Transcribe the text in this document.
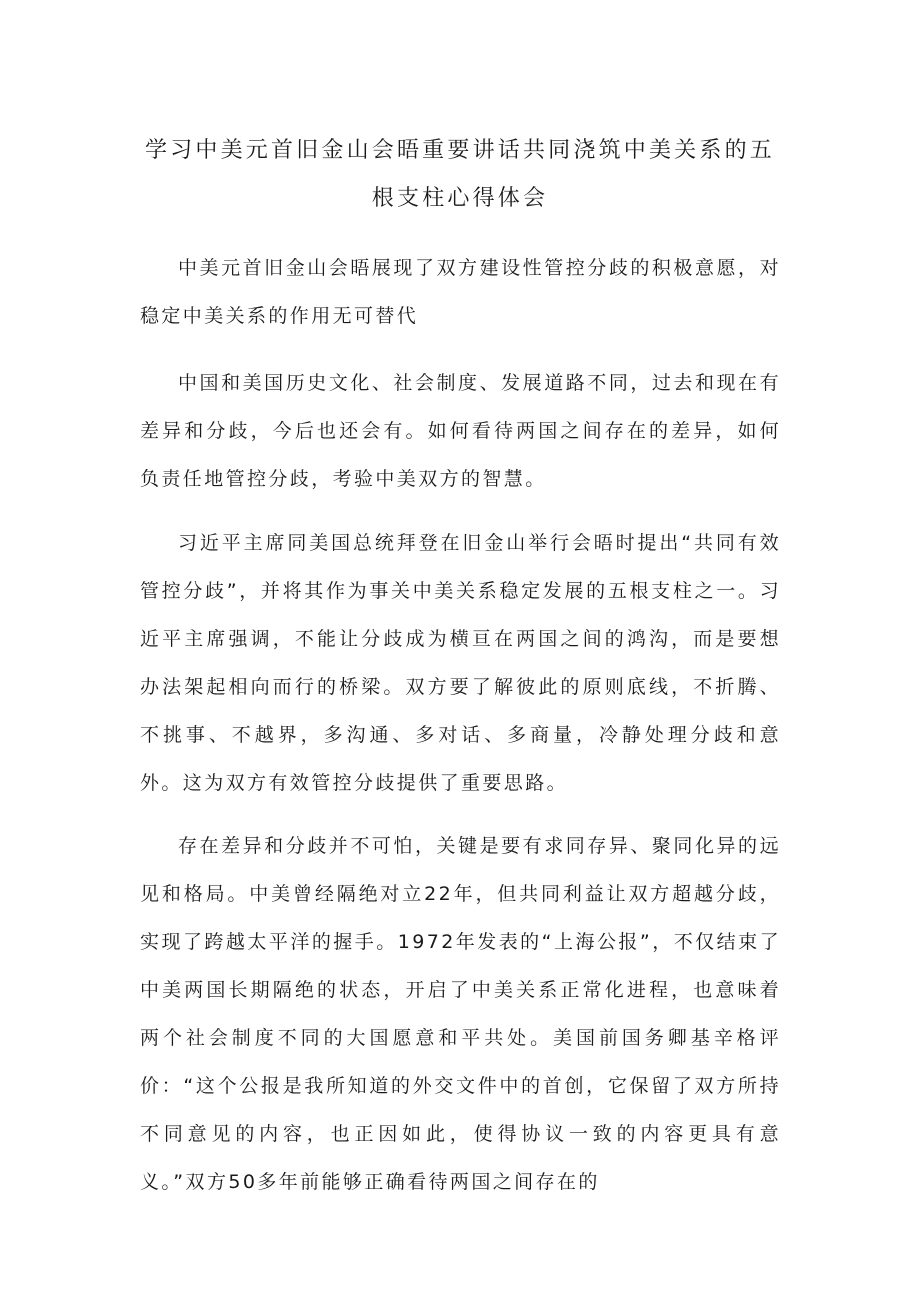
学习中美元首旧金山会晤重要讲话共同浇筑中美关系的五根支柱心得体会

中美元首旧金山会晤展现了双方建设性管控分歧的积极意愿，对稳定中美关系的作用无可替代

中国和美国历史文化、社会制度、发展道路不同，过去和现在有差异和分歧，今后也还会有。如何看待两国之间存在的差异，如何负责任地管控分歧，考验中美双方的智慧。

习近平主席同美国总统拜登在旧金山举行会晤时提出“共同有效管控分歧”，并将其作为事关中美关系稳定发展的五根支柱之一。习近平主席强调，不能让分歧成为横亘在两国之间的鸿沟，而是要想办法架起相向而行的桥梁。双方要了解彼此的原则底线，不折腾、不挑事、不越界，多沟通、多对话、多商量，冷静处理分歧和意外。这为双方有效管控分歧提供了重要思路。

存在差异和分歧并不可怕，关键是要有求同存异、聚同化异的远见和格局。中美曾经隔绝对立22年，但共同利益让双方超越分歧，实现了跨越太平洋的握手。1972年发表的“上海公报”，不仅结束了中美两国长期隔绝的状态，开启了中美关系正常化进程，也意味着两个社会制度不同的大国愿意和平共处。美国前国务卿基辛格评价：“这个公报是我所知道的外交文件中的首创，它保留了双方所持不同意见的内容，也正因如此，使得协议一致的内容更具有意义。”双方50多年前能够正确看待两国之间存在的
